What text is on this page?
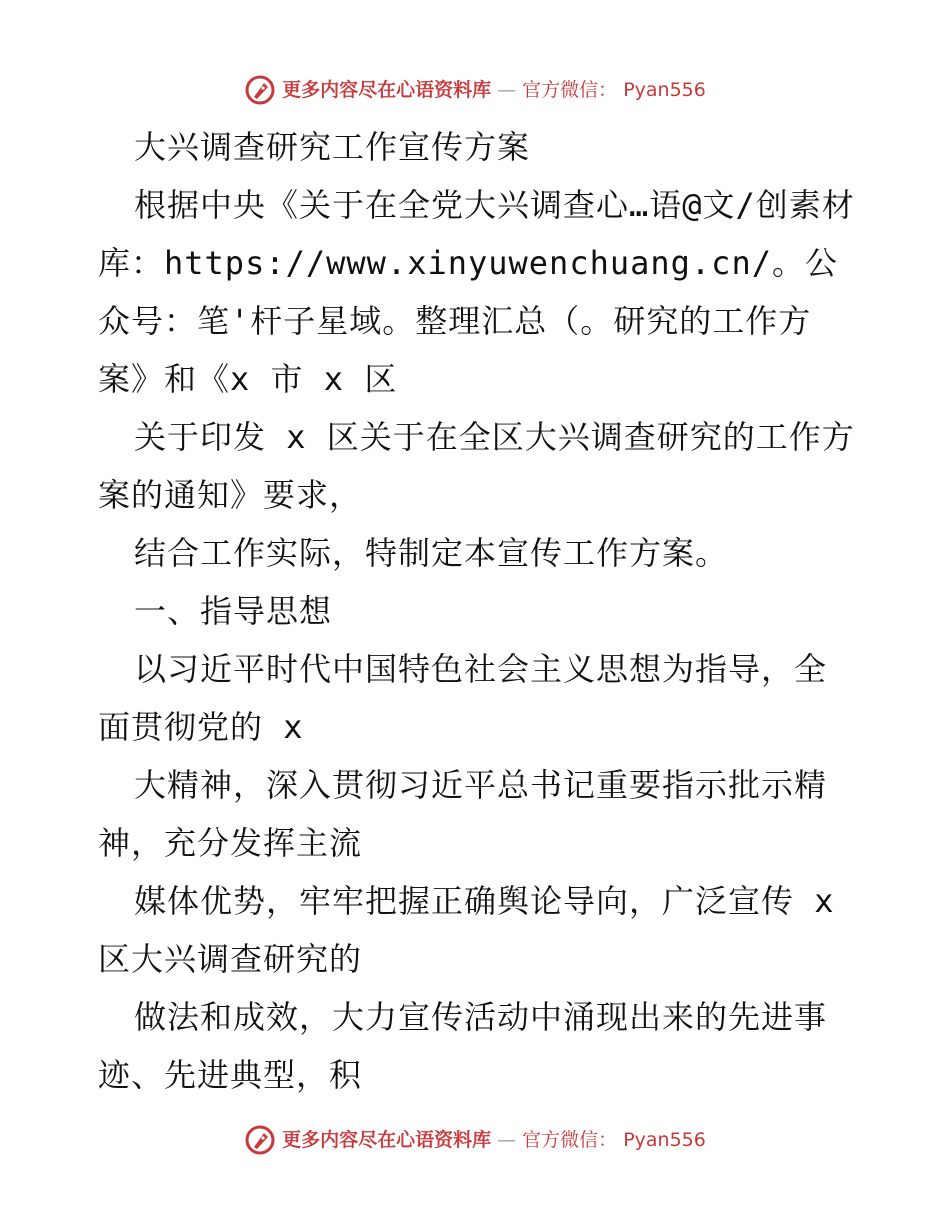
更多内容尽在心语资料库 — 官方微信： Pyan556

大兴调查研究工作宣传方案

根据中央《关于在全党大兴调查心…语@文/创素材库：https://www.xinyuwenchuang.cn/。公众号：笔'杆子星域。整理汇总（。研究的工作方案》和《x 市 x 区

关于印发 x 区关于在全区大兴调查研究的工作方案的通知》要求，

结合工作实际，特制定本宣传工作方案。

一、指导思想

以习近平时代中国特色社会主义思想为指导，全面贯彻党的 x

大精神，深入贯彻习近平总书记重要指示批示精神，充分发挥主流

媒体优势，牢牢把握正确舆论导向，广泛宣传 x 区大兴调查研究的

做法和成效，大力宣传活动中涌现出来的先进事迹、先进典型，积

更多内容尽在心语资料库 — 官方微信： Pyan556
